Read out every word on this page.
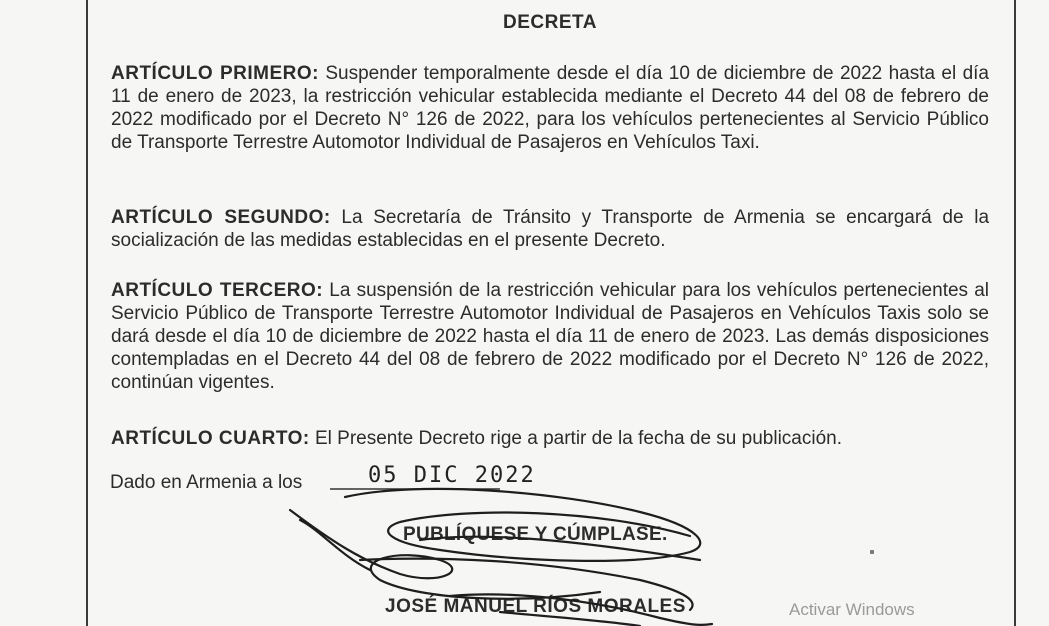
DECRETA
ARTÍCULO PRIMERO: Suspender temporalmente desde el día 10 de diciembre de 2022 hasta el día 11 de enero de 2023, la restricción vehicular establecida mediante el Decreto 44 del 08 de febrero de 2022 modificado por el Decreto N° 126 de 2022, para los vehículos pertenecientes al Servicio Público de Transporte Terrestre Automotor Individual de Pasajeros en Vehículos Taxi.
ARTÍCULO SEGUNDO: La Secretaría de Tránsito y Transporte de Armenia se encargará de la socialización de las medidas establecidas en el presente Decreto.
ARTÍCULO TERCERO: La suspensión de la restricción vehicular para los vehículos pertenecientes al Servicio Público de Transporte Terrestre Automotor Individual de Pasajeros en Vehículos Taxis solo se dará desde el día 10 de diciembre de 2022 hasta el día 11 de enero de 2023. Las demás disposiciones contempladas en el Decreto 44 del 08 de febrero de 2022 modificado por el Decreto N° 126 de 2022, continúan vigentes.
ARTÍCULO CUARTO: El Presente Decreto rige a partir de la fecha de su publicación.
Dado en Armenia a los	05 DIC 2022
PUBLÍQUESE Y CÚMPLASE.
JOSÉ MANUEL RÍOS MORALES	Activar Windows
